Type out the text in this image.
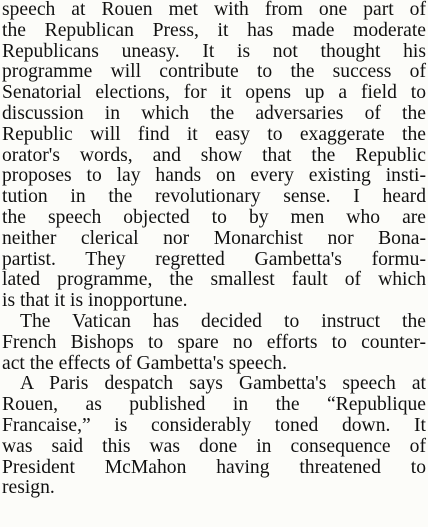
speech at Rouen met with from one part of
the Republican Press, it has made moderate
Republicans uneasy. It is not thought his
programme will contribute to the success of
Senatorial elections, for it opens up a field to
discussion in which the adversaries of the
Republic will find it easy to exaggerate the
orator's words, and show that the Republic
proposes to lay hands on every existing insti-
tution in the revolutionary sense. I heard
the speech objected to by men who are
neither clerical nor Monarchist nor Bona-
partist. They regretted Gambetta's formu-
lated programme, the smallest fault of which
is that it is inopportune.
The Vatican has decided to instruct the
French Bishops to spare no efforts to counter-
act the effects of Gambetta's speech.
A Paris despatch says Gambetta's speech at
Rouen, as published in the “Republique
Francaise,” is considerably toned down. It
was said this was done in consequence of
President McMahon having threatened to
resign.
